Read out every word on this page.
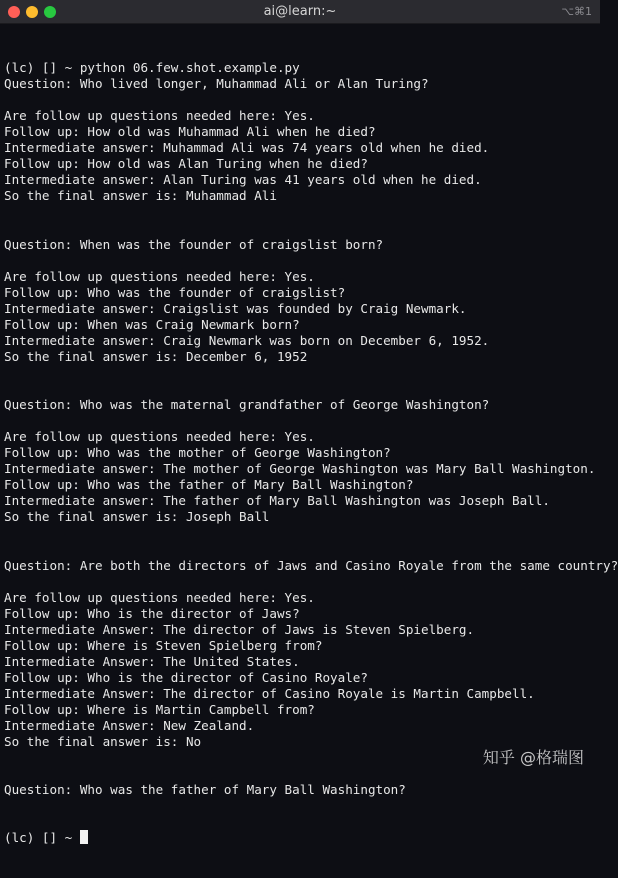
ai@learn:~	⌥⌘1

(lc) [] ~ python 06.few.shot.example.py
Question: Who lived longer, Muhammad Ali or Alan Turing?
Are follow up questions needed here: Yes.
Follow up: How old was Muhammad Ali when he died?
Intermediate answer: Muhammad Ali was 74 years old when he died.
Follow up: How old was Alan Turing when he died?
Intermediate answer: Alan Turing was 41 years old when he died.
So the final answer is: Muhammad Ali
Question: When was the founder of craigslist born?
Are follow up questions needed here: Yes.
Follow up: Who was the founder of craigslist?
Intermediate answer: Craigslist was founded by Craig Newmark.
Follow up: When was Craig Newmark born?
Intermediate answer: Craig Newmark was born on December 6, 1952.
So the final answer is: December 6, 1952
Question: Who was the maternal grandfather of George Washington?
Are follow up questions needed here: Yes.
Follow up: Who was the mother of George Washington?
Intermediate answer: The mother of George Washington was Mary Ball Washington.
Follow up: Who was the father of Mary Ball Washington?
Intermediate answer: The father of Mary Ball Washington was Joseph Ball.
So the final answer is: Joseph Ball
Question: Are both the directors of Jaws and Casino Royale from the same country?
Are follow up questions needed here: Yes.
Follow up: Who is the director of Jaws?
Intermediate Answer: The director of Jaws is Steven Spielberg.
Follow up: Where is Steven Spielberg from?
Intermediate Answer: The United States.
Follow up: Who is the director of Casino Royale?
Intermediate Answer: The director of Casino Royale is Martin Campbell.
Follow up: Where is Martin Campbell from?
Intermediate Answer: New Zealand.
So the final answer is: No
Question: Who was the father of Mary Ball Washington?

(lc) [] ~

知乎 @格瑞图
